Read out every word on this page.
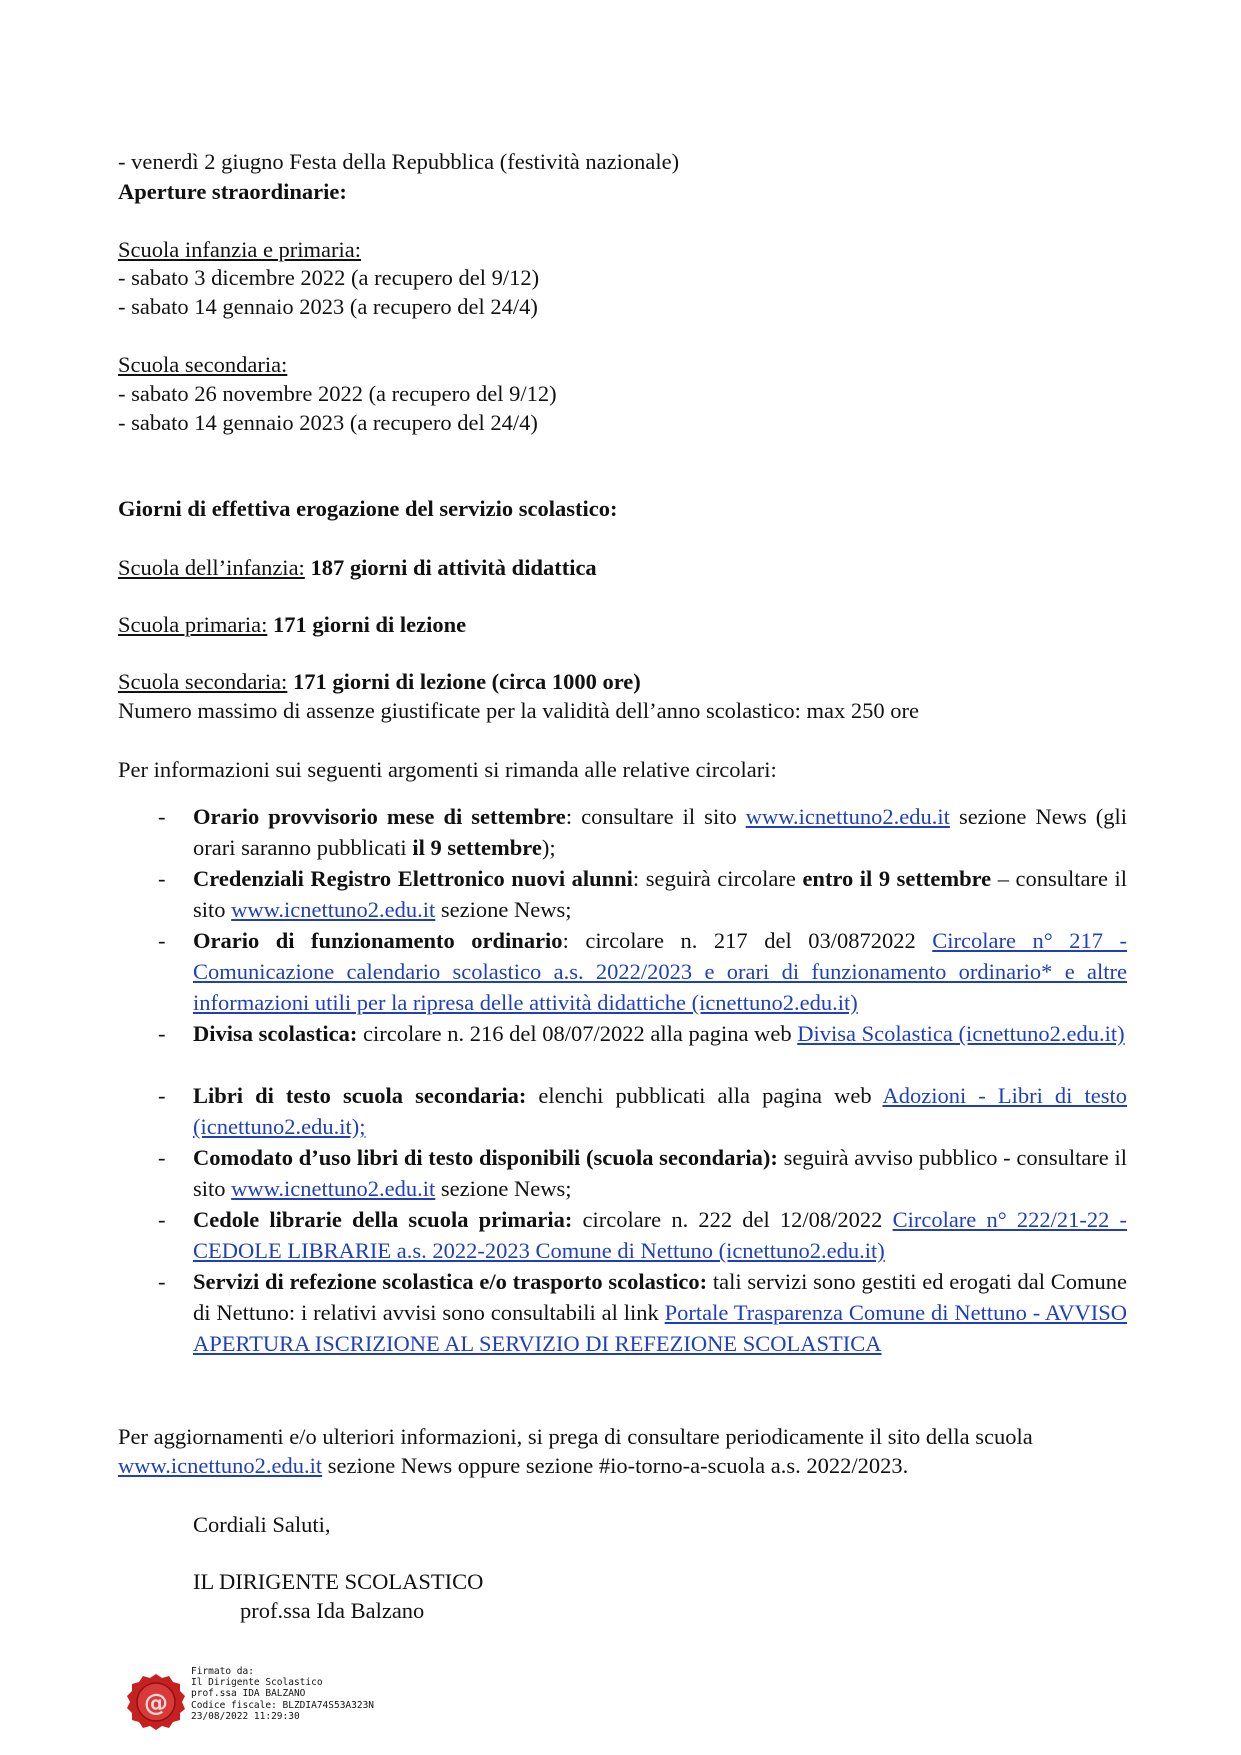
- venerdì 2 giugno Festa della Repubblica (festività nazionale)
Aperture straordinarie:
Scuola infanzia e primaria:
- sabato 3 dicembre 2022 (a recupero del 9/12)
- sabato 14 gennaio 2023 (a recupero del 24/4)
Scuola secondaria:
- sabato 26 novembre 2022 (a recupero del 9/12)
- sabato 14 gennaio 2023 (a recupero del 24/4)
Giorni di effettiva erogazione del servizio scolastico:
Scuola dell’infanzia: 187 giorni di attività didattica
Scuola primaria: 171 giorni di lezione
Scuola secondaria: 171 giorni di lezione (circa 1000 ore)
Numero massimo di assenze giustificate per la validità dell’anno scolastico: max 250 ore
Per informazioni sui seguenti argomenti si rimanda alle relative circolari:
- Orario provvisorio mese di settembre: consultare il sito www.icnettuno2.edu.it sezione News (gli orari saranno pubblicati il 9 settembre);
- Credenziali Registro Elettronico nuovi alunni: seguirà circolare entro il 9 settembre – consultare il sito www.icnettuno2.edu.it sezione News;
- Orario di funzionamento ordinario: circolare n. 217 del 03/0872022 Circolare n° 217 - Comunicazione calendario scolastico a.s. 2022/2023 e orari di funzionamento ordinario* e altre informazioni utili per la ripresa delle attività didattiche (icnettuno2.edu.it)
- Divisa scolastica: circolare n. 216 del 08/07/2022 alla pagina web Divisa Scolastica (icnettuno2.edu.it)
- Libri di testo scuola secondaria: elenchi pubblicati alla pagina web Adozioni - Libri di testo (icnettuno2.edu.it);
- Comodato d’uso libri di testo disponibili (scuola secondaria): seguirà avviso pubblico - consultare il sito www.icnettuno2.edu.it sezione News;
- Cedole librarie della scuola primaria: circolare n. 222 del 12/08/2022 Circolare n° 222/21-22 - CEDOLE LIBRARIE a.s. 2022-2023 Comune di Nettuno (icnettuno2.edu.it)
- Servizi di refezione scolastica e/o trasporto scolastico: tali servizi sono gestiti ed erogati dal Comune di Nettuno: i relativi avvisi sono consultabili al link Portale Trasparenza Comune di Nettuno - AVVISO APERTURA ISCRIZIONE AL SERVIZIO DI REFEZIONE SCOLASTICA
Per aggiornamenti e/o ulteriori informazioni, si prega di consultare periodicamente il sito della scuola
www.icnettuno2.edu.it sezione News oppure sezione #io-torno-a-scuola a.s. 2022/2023.
Cordiali Saluti,
IL DIRIGENTE SCOLASTICO
prof.ssa Ida Balzano
@
Firmato da:
Il Dirigente Scolastico
prof.ssa IDA BALZANO
Codice fiscale: BLZDIA74S53A323N
23/08/2022 11:29:30
